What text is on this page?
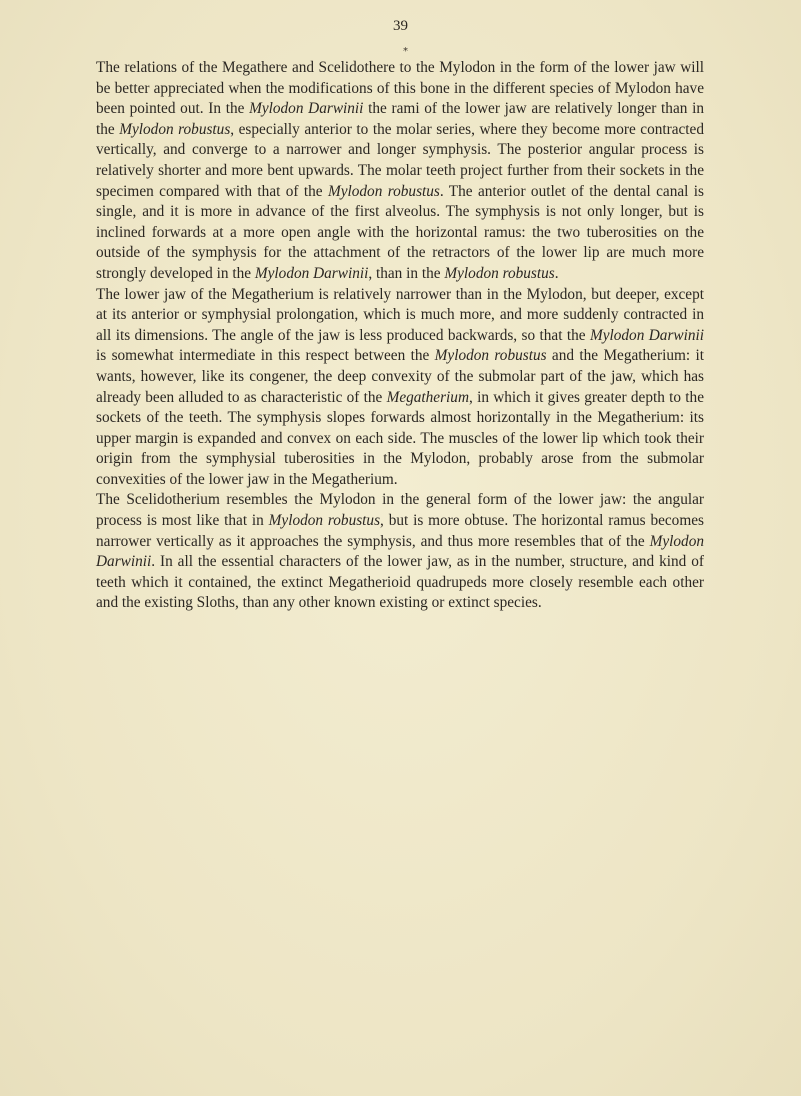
39

*

The relations of the Megathere and Scelidothere to the Mylodon in the form of the lower jaw will be better appreciated when the modifications of this bone in the different species of Mylodon have been pointed out. In the Mylodon Darwinii the rami of the lower jaw are relatively longer than in the Mylodon robustus, especially anterior to the molar series, where they become more contracted vertically, and converge to a narrower and longer symphysis. The posterior angular process is relatively shorter and more bent upwards. The molar teeth project further from their sockets in the specimen compared with that of the Mylodon robustus. The anterior outlet of the dental canal is single, and it is more in advance of the first alveolus. The symphysis is not only longer, but is inclined forwards at a more open angle with the horizontal ramus: the two tuberosities on the outside of the symphysis for the attachment of the retractors of the lower lip are much more strongly developed in the Mylodon Darwinii, than in the Mylodon robustus.

The lower jaw of the Megatherium is relatively narrower than in the Mylodon, but deeper, except at its anterior or symphysial prolongation, which is much more, and more suddenly contracted in all its dimensions. The angle of the jaw is less produced backwards, so that the Mylodon Darwinii is somewhat intermediate in this respect between the Mylodon robustus and the Megatherium: it wants, however, like its congener, the deep convexity of the submolar part of the jaw, which has already been alluded to as characteristic of the Megatherium, in which it gives greater depth to the sockets of the teeth. The symphysis slopes forwards almost horizontally in the Megatherium: its upper margin is expanded and convex on each side. The muscles of the lower lip which took their origin from the symphysial tuberosities in the Mylodon, probably arose from the submolar convexities of the lower jaw in the Megatherium.

The Scelidotherium resembles the Mylodon in the general form of the lower jaw: the angular process is most like that in Mylodon robustus, but is more obtuse. The horizontal ramus becomes narrower vertically as it approaches the symphysis, and thus more resembles that of the Mylodon Darwinii. In all the essential characters of the lower jaw, as in the number, structure, and kind of teeth which it contained, the extinct Megatherioid quadrupeds more closely resemble each other and the existing Sloths, than any other known existing or extinct species.
